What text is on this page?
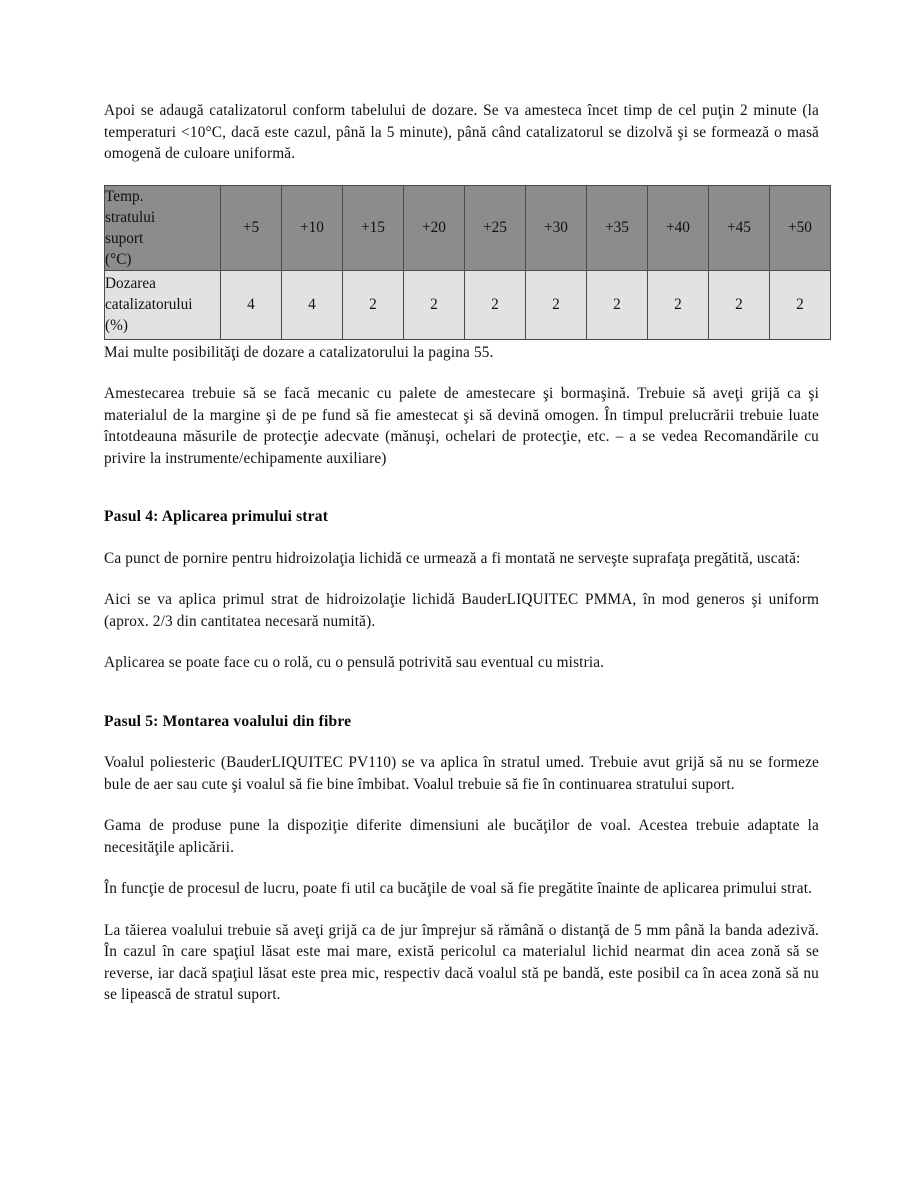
Apoi se adaugă catalizatorul conform tabelului de dozare. Se va amesteca încet timp de cel puţin 2 minute (la temperaturi <10°C, dacă este cazul, până la 5 minute), până când catalizatorul se dizolvă şi se formează o masă omogenă de culoare uniformă.

Temp.
stratului
suport
(°C)	+5	+10	+15	+20	+25	+30	+35	+40	+45	+50

Dozarea
catalizatorului
(%)	4	4	2	2	2	2	2	2	2	2

Mai multe posibilităţi de dozare a catalizatorului la pagina 55.

Amestecarea trebuie să se facă mecanic cu palete de amestecare şi bormaşină. Trebuie să aveţi grijă ca şi materialul de la margine şi de pe fund să fie amestecat şi să devină omogen. În timpul prelucrării trebuie luate întotdeauna măsurile de protecţie adecvate (mănuşi, ochelari de protecţie, etc. – a se vedea Recomandările cu privire la instrumente/echipamente auxiliare)

Pasul 4: Aplicarea primului strat

Ca punct de pornire pentru hidroizolaţia lichidă ce urmează a fi montată ne serveşte suprafaţa pregătită, uscată:

Aici se va aplica primul strat de hidroizolaţie lichidă BauderLIQUITEC PMMA, în mod generos şi uniform (aprox. 2/3 din cantitatea necesară numită).

Aplicarea se poate face cu o rolă, cu o pensulă potrivită sau eventual cu mistria.

Pasul 5: Montarea voalului din fibre

Voalul poliesteric (BauderLIQUITEC PV110) se va aplica în stratul umed. Trebuie avut grijă să nu se formeze bule de aer sau cute şi voalul să fie bine îmbibat. Voalul trebuie să fie în continuarea stratului suport.

Gama de produse pune la dispoziţie diferite dimensiuni ale bucăţilor de voal. Acestea trebuie adaptate la necesităţile aplicării.

În funcţie de procesul de lucru, poate fi util ca bucăţile de voal să fie pregătite înainte de aplicarea primului strat.

La tăierea voalului trebuie să aveţi grijă ca de jur împrejur să rămână o distanţă de 5 mm până la banda adezivă. În cazul în care spaţiul lăsat este mai mare, există pericolul ca materialul lichid nearmat din acea zonă să se reverse, iar dacă spaţiul lăsat este prea mic, respectiv dacă voalul stă pe bandă, este posibil ca în acea zonă să nu se lipească de stratul suport.
